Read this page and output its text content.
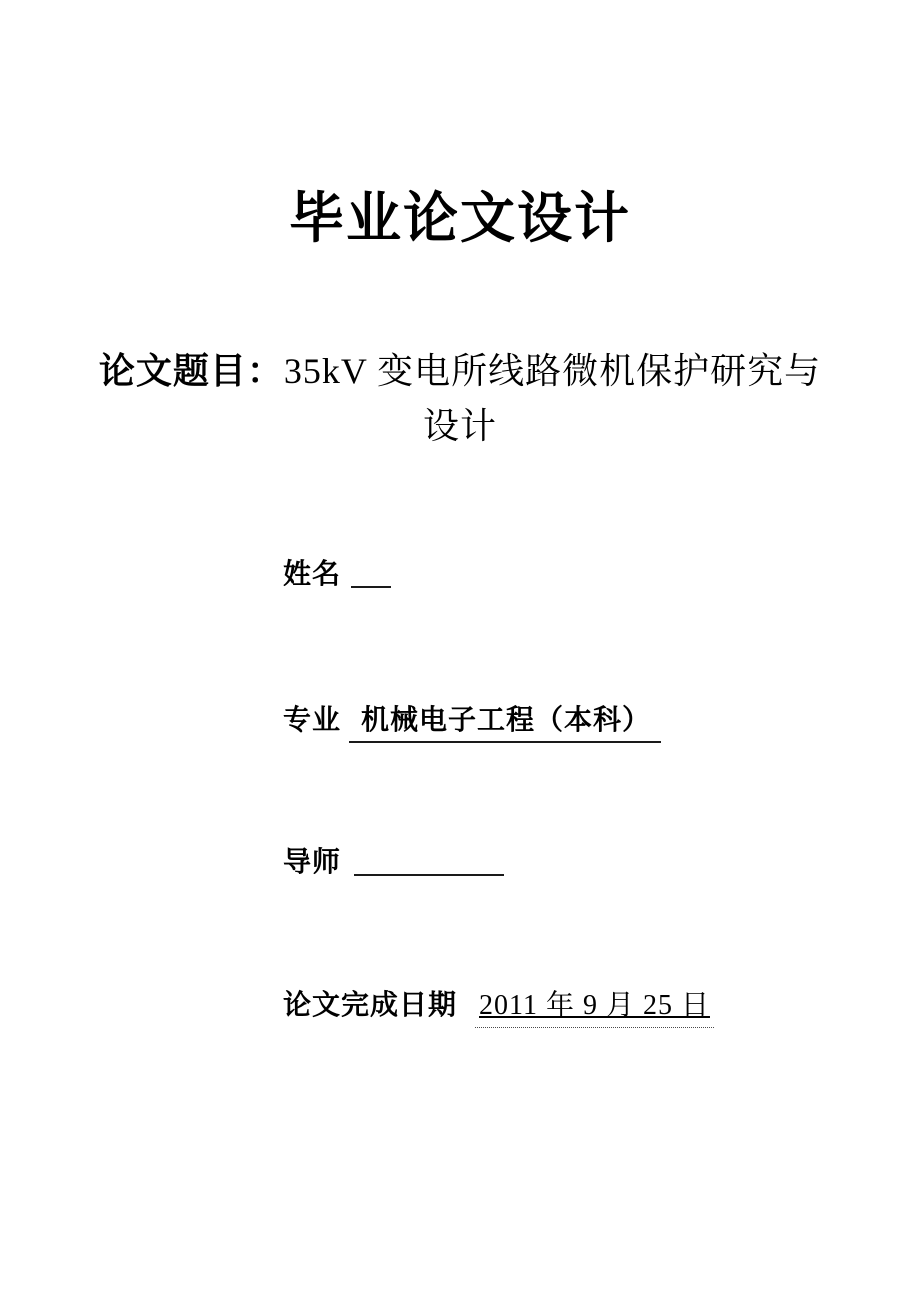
毕业论文设计
论文题目：35kV 变电所线路微机保护研究与
设计
姓名
专业 机械电子工程（本科）
导师
论文完成日期 2011 年 9 月 25 日
